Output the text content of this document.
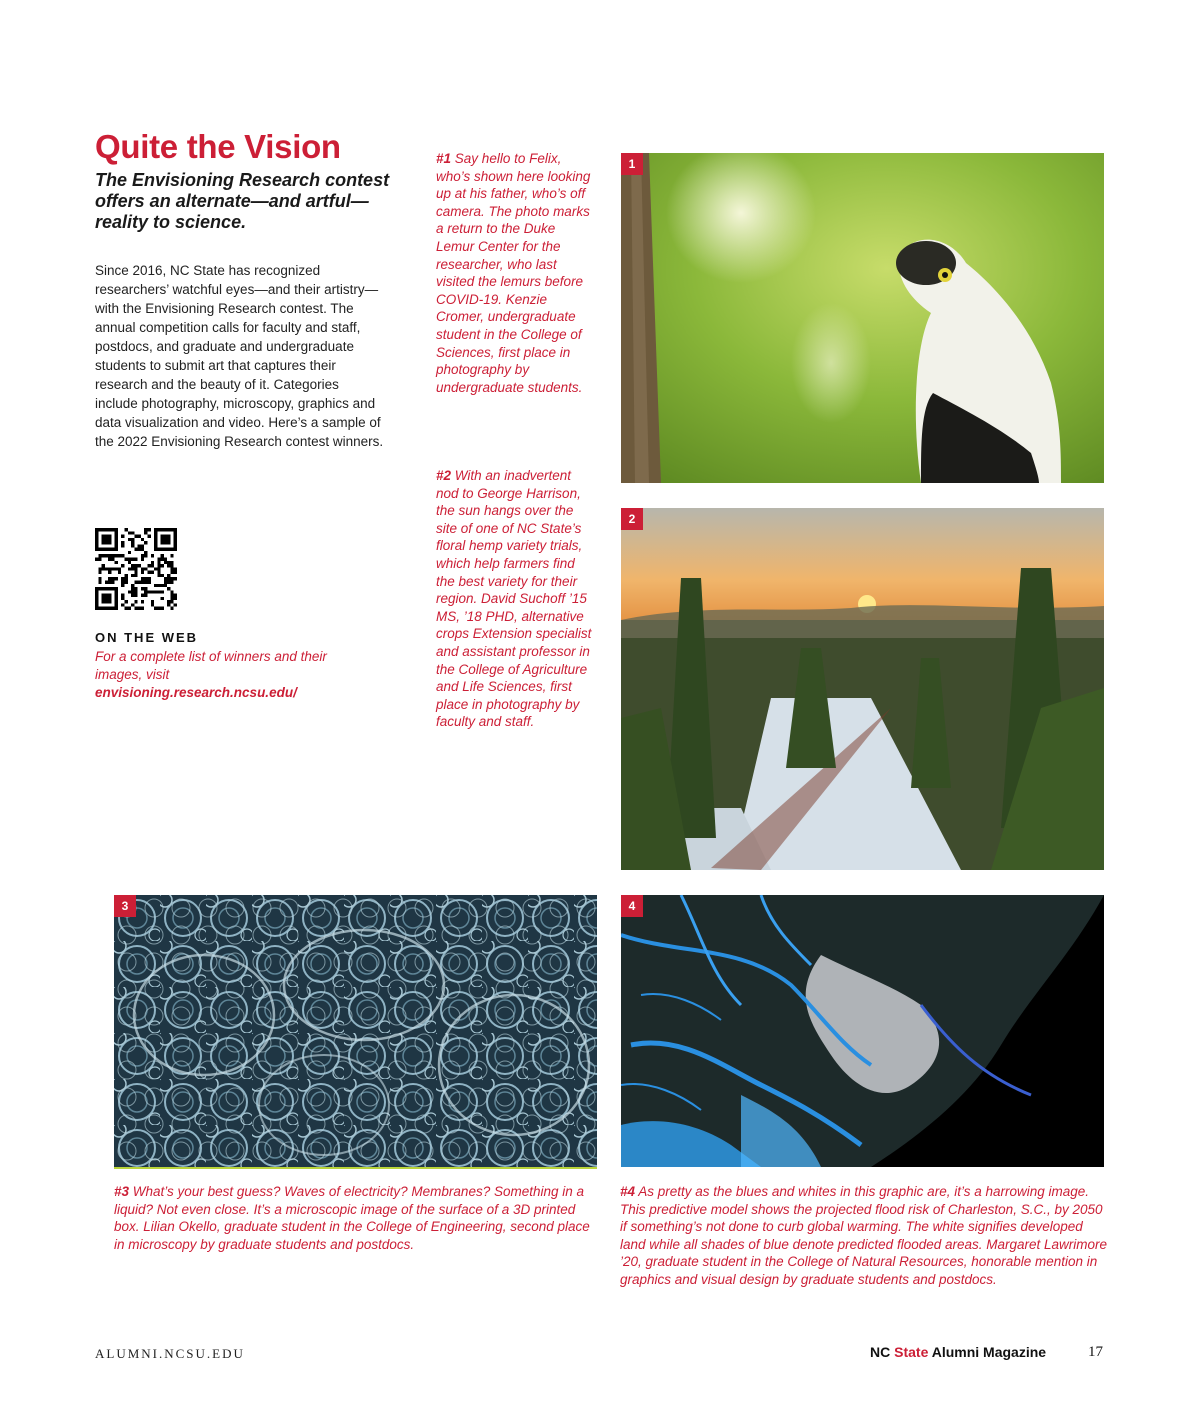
Quite the Vision

The Envisioning Research contest offers an alternate—and artful—reality to science.

Since 2016, NC State has recognized researchers’ watchful eyes—and their artistry—with the Envisioning Research contest. The annual competition calls for faculty and staff, postdocs, and graduate and undergraduate students to submit art that captures their research and the beauty of it. Categories include photography, microscopy, graphics and data visualization and video. Here’s a sample of the 2022 Envisioning Research contest winners.

ON THE WEB

For a complete list of winners and their images, visit
envisioning.research.ncsu.edu/

#1 Say hello to Felix, who’s shown here looking up at his father, who’s off camera. The photo marks a return to the Duke Lemur Center for the researcher, who last visited the lemurs before COVID-19. Kenzie Cromer, undergraduate student in the College of Sciences, first place in photography by undergraduate students.

#2 With an inadvertent nod to George Harrison, the sun hangs over the site of one of NC State’s floral hemp variety trials, which help farmers find the best variety for their region. David Suchoff ’15 MS, ’18 PHD, alternative crops Extension specialist and assistant professor in the College of Agriculture and Life Sciences, first place in photography by faculty and staff.

#3 What’s your best guess? Waves of electricity? Membranes? Something in a liquid? Not even close. It’s a microscopic image of the surface of a 3D printed box. Lilian Okello, graduate student in the College of Engineering, second place in microscopy by graduate students and postdocs.

#4 As pretty as the blues and whites in this graphic are, it’s a harrowing image. This predictive model shows the projected flood risk of Charleston, S.C., by 2050 if something’s not done to curb global warming. The white signifies developed land while all shades of blue denote predicted flooded areas. Margaret Lawrimore ’20, graduate student in the College of Natural Resources, honorable mention in graphics and visual design by graduate students and postdocs.

1
2
3	4

ALUMNI.NCSU.EDU	NC State Alumni Magazine	17
